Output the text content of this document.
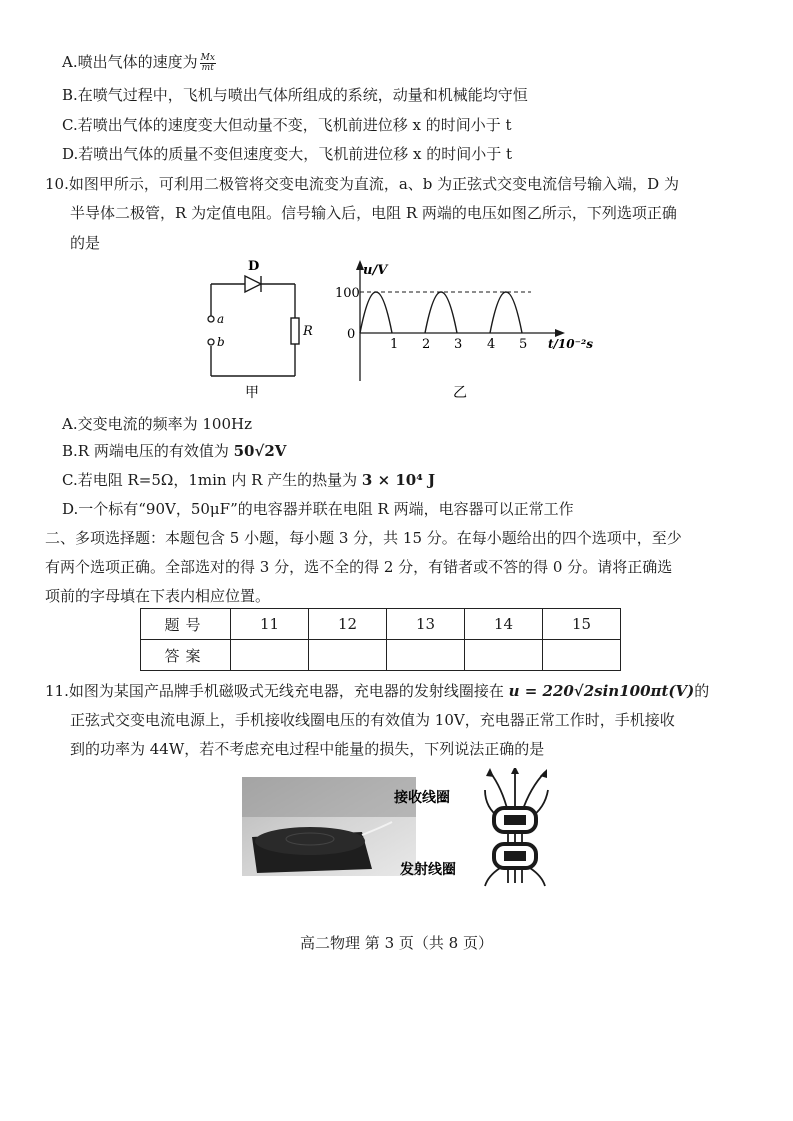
A.喷出气体的速度为 $\frac{Mx}{mt}$
B.在喷气过程中，飞机与喷出气体所组成的系统，动量和机械能均守恒
C.若喷出气体的速度变大但动量不变，飞机前进位移 x 的时间小于 t
D.若喷出气体的质量不变但速度变大，飞机前进位移 x 的时间小于 t
10.如图甲所示，可利用二极管将交变电流变为直流，a、b 为正弦式交变电流信号输入端，D 为
半导体二极管，R 为定值电阻。信号输入后，电阻 R 两端的电压如图乙所示，下列选项正确
的是
D
a
b
R
甲
u/V
100
0
1 2 3 4 5 t/10⁻²s
乙
A.交变电流的频率为 100Hz
B.R 两端电压的有效值为 50√2V
C.若电阻 R=5Ω，1min 内 R 产生的热量为 3 × 10⁴ J
D.一个标有“90V，50μF”的电容器并联在电阻 R 两端，电容器可以正常工作
二、多项选择题：本题包含 5 小题，每小题 3 分，共 15 分。在每小题给出的四个选项中，至少
有两个选项正确。全部选对的得 3 分，选不全的得 2 分，有错者或不答的得 0 分。请将正确选
项前的字母填在下表内相应位置。
题号	11	12	13	14	15
答案					
11.如图为某国产品牌手机磁吸式无线充电器，充电器的发射线圈接在 u = 220√2sin100πt(V)的
正弦式交变电流电源上，手机接收线圈电压的有效值为 10V，充电器正常工作时，手机接收
到的功率为 44W，若不考虑充电过程中能量的损失，下列说法正确的是
接收线圈
发射线圈
高二物理 第 3 页（共 8 页）
